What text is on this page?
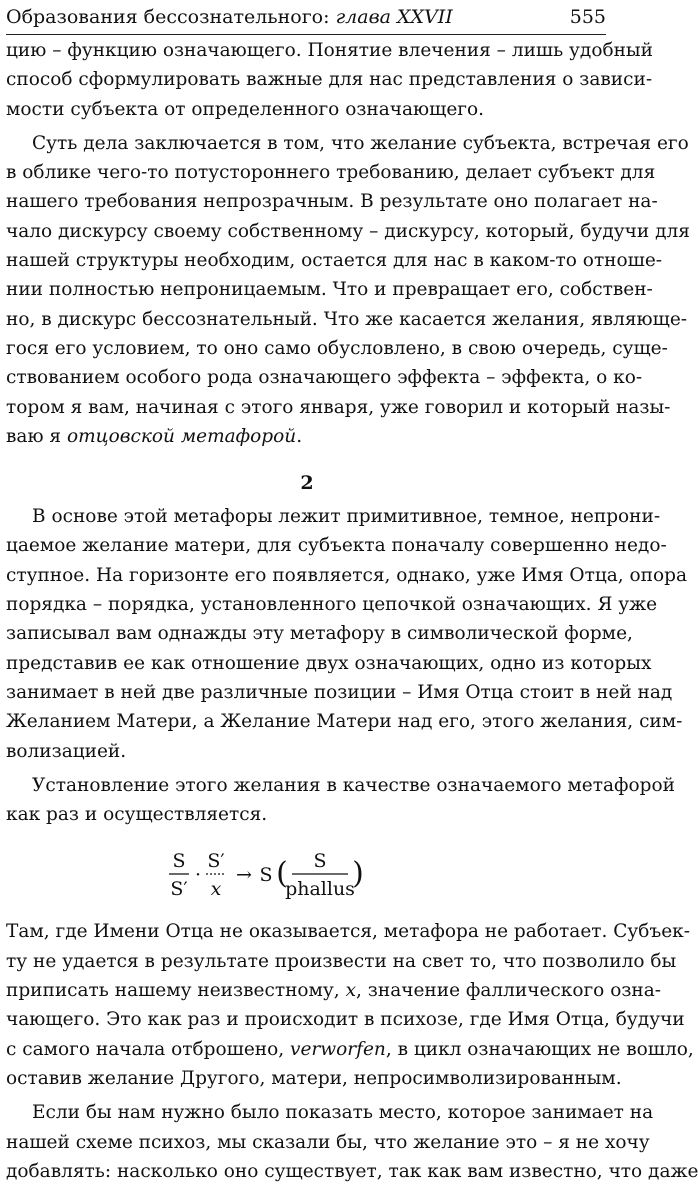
Образования бессознательного: глава XXVII	555
цию – функцию означающего. Понятие влечения – лишь удобный
способ сформулировать важные для нас представления о зависи-
мости субъекта от определенного означающего.
Суть дела заключается в том, что желание субъекта, встречая его
в облике чего-то потустороннего требованию, делает субъект для
нашего требования непрозрачным. В результате оно полагает на-
чало дискурсу своему собственному – дискурсу, который, будучи для
нашей структуры необходим, остается для нас в каком-то отноше-
нии полностью непроницаемым. Что и превращает его, собствен-
но, в дискурс бессознательный. Что же касается желания, являюще-
гося его условием, то оно само обусловлено, в свою очередь, суще-
ствованием особого рода означающего эффекта – эффекта, о ко-
тором я вам, начиная с этого января, уже говорил и который назы-
ваю я отцовской метафорой.
2
В основе этой метафоры лежит примитивное, темное, непрони-
цаемое желание матери, для субъекта поначалу совершенно недо-
ступное. На горизонте его появляется, однако, уже Имя Отца, опора
порядка – порядка, установленного цепочкой означающих. Я уже
записывал вам однажды эту метафору в символической форме,
представив ее как отношение двух означающих, одно из которых
занимает в ней две различные позиции – Имя Отца стоит в ней над
Желанием Матери, а Желание Матери над его, этого желания, сим-
волизацией.
Установление этого желания в качестве означаемого метафорой
как раз и осуществляется.
S
S′
·
S′
x
→ S ( S
phallus
)
Там, где Имени Отца не оказывается, метафора не работает. Субъек-
ту не удается в результате произвести на свет то, что позволило бы
приписать нашему неизвестному, x, значение фаллического озна-
чающего. Это как раз и происходит в психозе, где Имя Отца, будучи
с самого начала отброшено, verworfen, в цикл означающих не вошло,
оставив желание Другого, матери, непросимволизированным.
Если бы нам нужно было показать место, которое занимает на
нашей схеме психоз, мы сказали бы, что желание это – я не хочу
добавлять: насколько оно существует, так как вам известно, что даже
